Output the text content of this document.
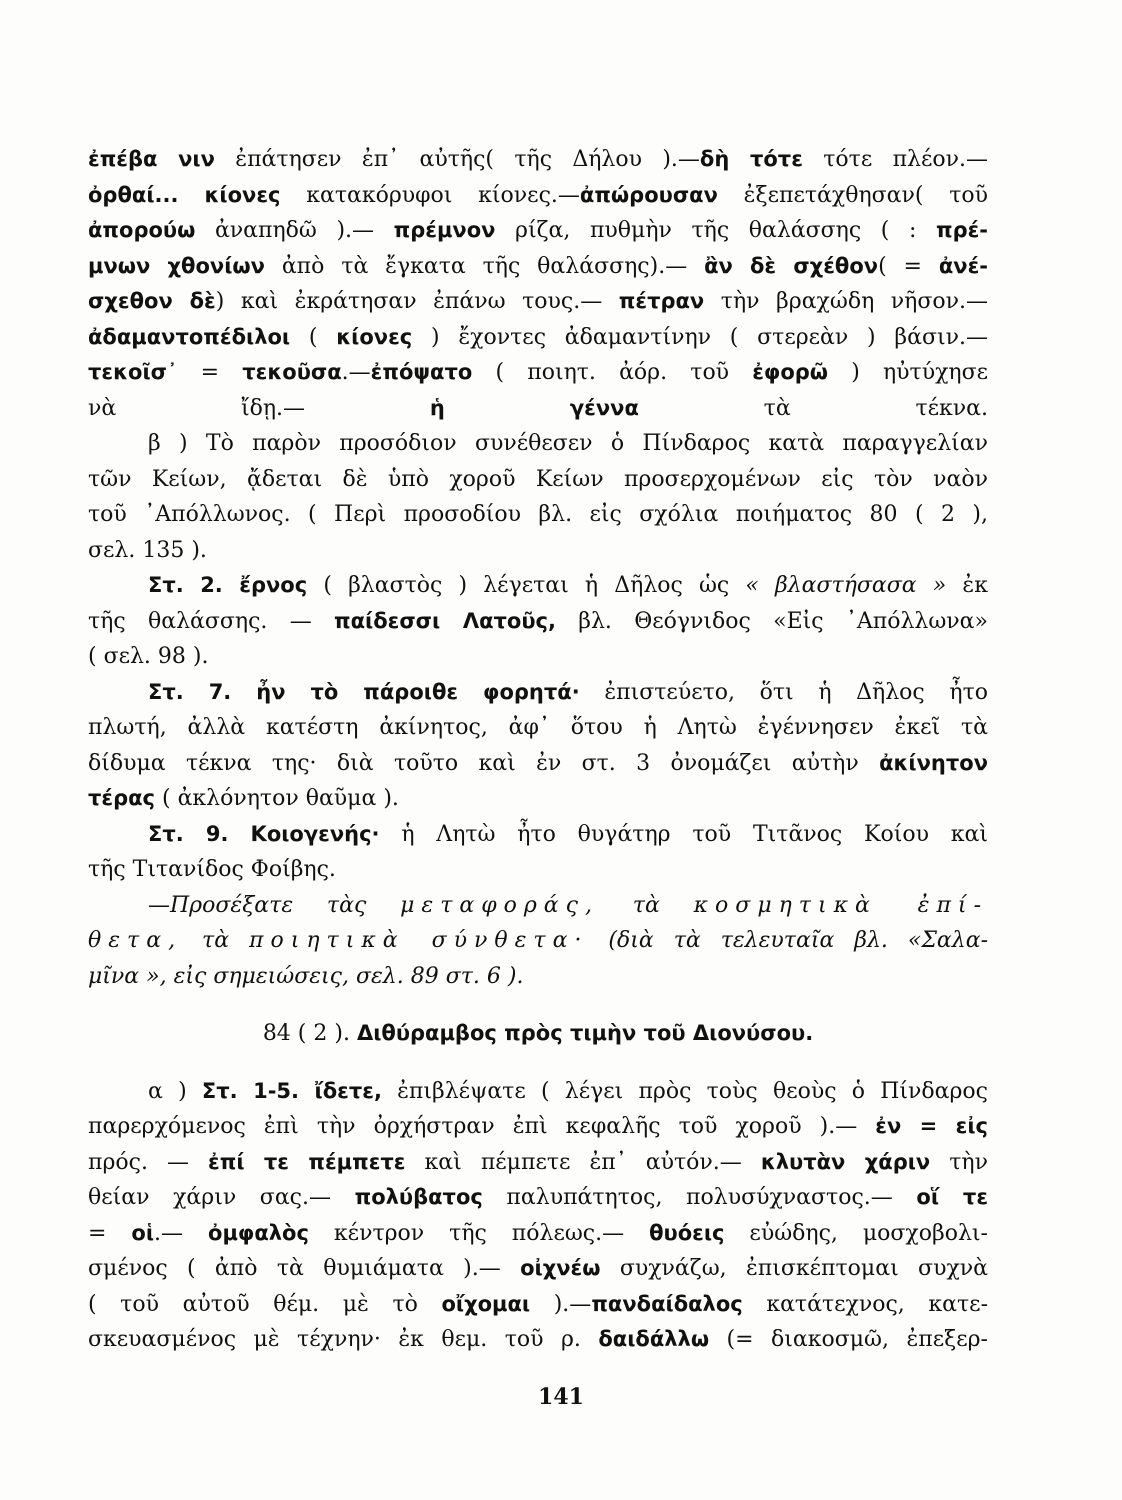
ἐπέβα νιν ἐπάτησεν ἐπ᾽ αὐτῆς( τῆς Δήλου ).—δὴ τότε τότε πλέον.—
ὀρθαί... κίονες κατακόρυφοι κίονες.—ἀπώρουσαν ἐξεπετάχθησαν( τοῦ
ἀπορούω ἀναπηδῶ ).— πρέμνον ρίζα, πυθμὴν τῆς θαλάσσης ( : πρέ-
μνων χθονίων ἀπὸ τὰ ἔγκατα τῆς θαλάσσης).— ἂν δὲ σχέθον( = ἀνέ-
σχεθον δὲ) καὶ ἐκράτησαν ἐπάνω τους.— πέτραν τὴν βραχώδη νῆσον.—
ἀδαμαντοπέδιλοι ( κίονες ) ἔχοντες ἀδαμαντίνην ( στερεὰν ) βάσιν.—
τεκοῖσ᾽ = τεκοῦσα.—ἐπόψατο ( ποιητ. ἀόρ. τοῦ ἐφορῶ ) ηὐτύχησε
νὰ ἴδῃ.— ἡ γέννα τὰ τέκνα.
β ) Τὸ παρὸν προσόδιον συνέθεσεν ὁ Πίνδαρος κατὰ παραγγελίαν
τῶν Κείων, ᾄδεται δὲ ὑπὸ χοροῦ Κείων προσερχομένων εἰς τὸν ναὸν
τοῦ ᾽Απόλλωνος. ( Περὶ προσοδίου βλ. εἰς σχόλια ποιήματος 80 ( 2 ),
σελ. 135 ).
Στ. 2. ἔρνος ( βλαστὸς ) λέγεται ἡ Δῆλος ὡς « βλαστήσασα » ἐκ
τῆς θαλάσσης. — παίδεσσι Λατοῦς, βλ. Θεόγνιδος «Εἰς ᾽Απόλλωνα»
( σελ. 98 ).
Στ. 7. ἦν τὸ πάροιθε φορητά· ἐπιστεύετο, ὅτι ἡ Δῆλος ἦτο
πλωτή, ἀλλὰ κατέστη ἀκίνητος, ἀφ᾽ ὅτου ἡ Λητὼ ἐγέννησεν ἐκεῖ τὰ
δίδυμα τέκνα της· διὰ τοῦτο καὶ ἐν στ. 3 ὀνομάζει αὐτὴν ἀκίνητον
τέρας ( ἀκλόνητον θαῦμα ).
Στ. 9. Κοιογενής· ἡ Λητὼ ἦτο θυγάτηρ τοῦ Τιτᾶνος Κοίου καὶ
τῆς Τιτανίδος Φοίβης.
—Προσέξατε τὰς μεταφοράς, τὰ κοσμητικὰ ἐπί-
θετα, τὰ ποιητικὰ σύνθετα· (διὰ τὰ τελευταῖα βλ. «Σαλα-
μῖνα », εἰς σημειώσεις, σελ. 89 στ. 6 ).
84 ( 2 ). Διθύραμβος πρὸς τιμὴν τοῦ Διονύσου.
α ) Στ. 1-5. ἴδετε, ἐπιβλέψατε ( λέγει πρὸς τοὺς θεοὺς ὁ Πίνδαρος
παρερχόμενος ἐπὶ τὴν ὀρχήστραν ἐπὶ κεφαλῆς τοῦ χοροῦ ).— ἐν = εἰς
πρός. — ἐπί τε πέμπετε καὶ πέμπετε ἐπ᾽ αὐτόν.— κλυτὰν χάριν τὴν
θείαν χάριν σας.— πολύβατος παλυπάτητος, πολυσύχναστος.— οἵ τε
= οἱ.— ὀμφαλὸς κέντρον τῆς πόλεως.— θυόεις εὐώδης, μοσχοβολι-
σμένος ( ἀπὸ τὰ θυμιάματα ).— οἰχνέω συχνάζω, ἐπισκέπτομαι συχνὰ
( τοῦ αὐτοῦ θέμ. μὲ τὸ οἴχομαι ).—πανδαίδαλος κατάτεχνος, κατε-
σκευασμένος μὲ τέχνην· ἐκ θεμ. τοῦ ρ. δαιδάλλω (= διακοσμῶ, ἐπεξερ-
141
